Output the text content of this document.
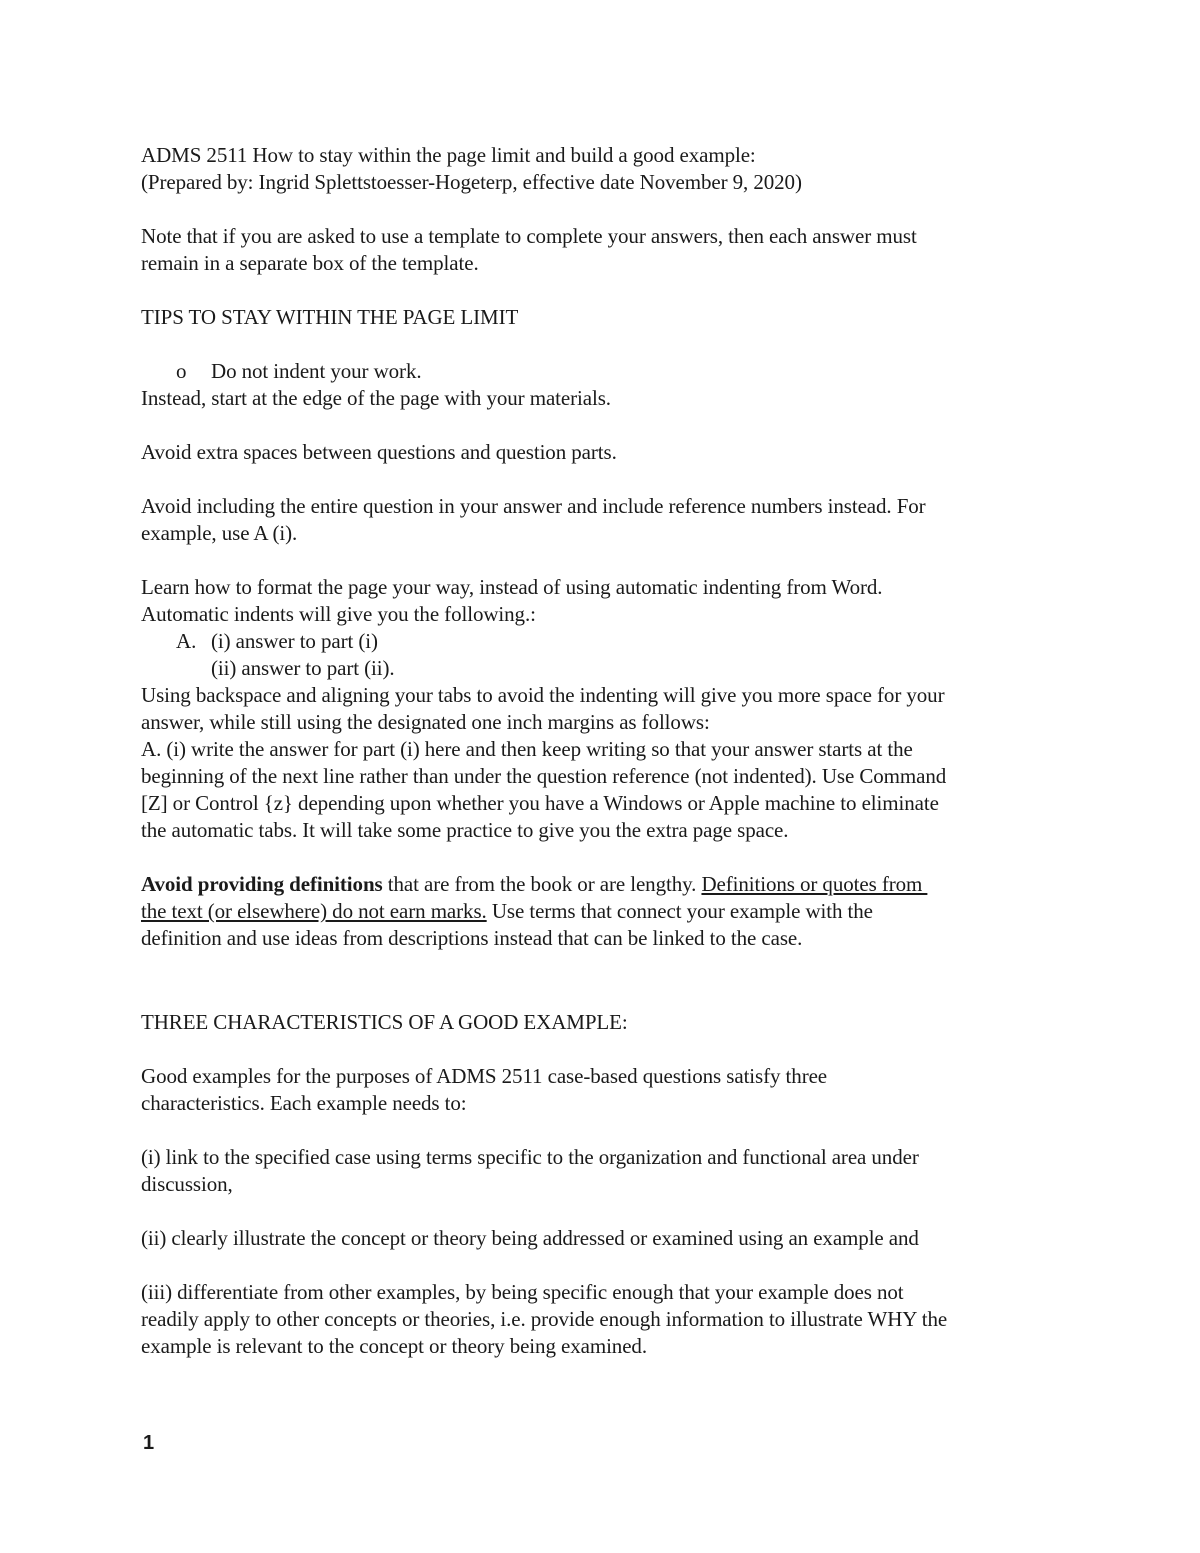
ADMS 2511 How to stay within the page limit and build a good example:
(Prepared by: Ingrid Splettstoesser-Hogeterp, effective date November 9, 2020)
Note that if you are asked to use a template to complete your answers, then each answer must
remain in a separate box of the template.
TIPS TO STAY WITHIN THE PAGE LIMIT
o Do not indent your work.
Instead, start at the edge of the page with your materials.
Avoid extra spaces between questions and question parts.
Avoid including the entire question in your answer and include reference numbers instead. For
example, use A (i).
Learn how to format the page your way, instead of using automatic indenting from Word.
Automatic indents will give you the following.:
A. (i) answer to part (i)
(ii) answer to part (ii).
Using backspace and aligning your tabs to avoid the indenting will give you more space for your
answer, while still using the designated one inch margins as follows:
A. (i) write the answer for part (i) here and then keep writing so that your answer starts at the
beginning of the next line rather than under the question reference (not indented). Use Command
[Z] or Control {z} depending upon whether you have a Windows or Apple machine to eliminate
the automatic tabs. It will take some practice to give you the extra page space.
Avoid providing definitions that are from the book or are lengthy. Definitions or quotes from
the text (or elsewhere) do not earn marks. Use terms that connect your example with the
definition and use ideas from descriptions instead that can be linked to the case.
THREE CHARACTERISTICS OF A GOOD EXAMPLE:
Good examples for the purposes of ADMS 2511 case-based questions satisfy three
characteristics. Each example needs to:
(i) link to the specified case using terms specific to the organization and functional area under
discussion,
(ii) clearly illustrate the concept or theory being addressed or examined using an example and
(iii) differentiate from other examples, by being specific enough that your example does not
readily apply to other concepts or theories, i.e. provide enough information to illustrate WHY the
example is relevant to the concept or theory being examined.
1
